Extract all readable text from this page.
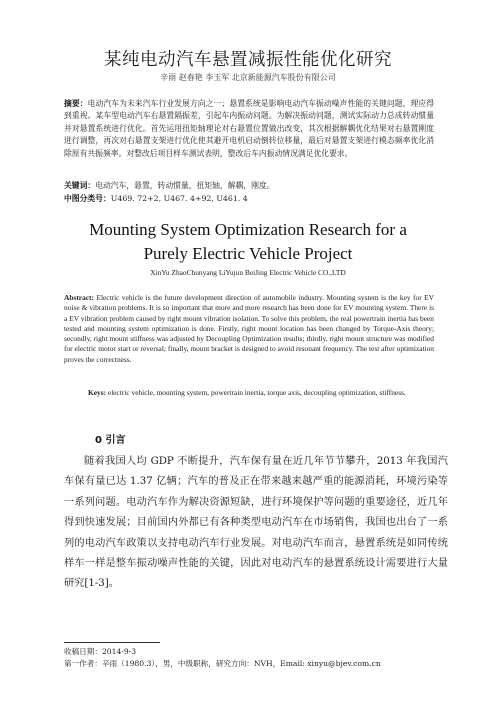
某纯电动汽车悬置减振性能优化研究
辛雨 赵春艳 李玉军 北京新能源汽车股份有限公司
摘要：电动汽车为未来汽车行业发展方向之一；悬置系统是影响电动汽车振动噪声性能的关键问题，理应得到重视。某车型电动汽车右悬置隔振差，引起车内振动问题。为解决振动问题，测试实际动力总成转动惯量并对悬置系统进行优化。首先运用扭矩轴理论对右悬置位置做出改变，其次根据解耦优化结果对右悬置刚度进行调整，再次对右悬置支架进行优化使其避开电机启动倒转位移量，最后对悬置支架进行模态频率优化消除原有共振频率。对整改后项目样车测试表明，整改后车内振动情况满足优化要求。
关键词：电动汽车，悬置，转动惯量，扭矩轴，解耦，刚度。
中图分类号：U469. 72+2, U467. 4+92, U461. 4
Mounting System Optimization Research for a
Purely Electric Vehicle Project
XinYu ZhaoChunyang LiYujun BeiJing Electric Vehicle CO.,LTD
Abstract: Electric vehicle is the future development direction of automobile industry. Mounting system is the key for EV noise & vibration problems. It is so important that more and more research has been done for EV mounting system. There is a EV vibration problem caused by right mount vibration isolation. To solve this problem, the real powertrain inertia has been tested and mounting system optimization is done. Firstly, right mount location has been changed by Torque-Axis theory; secondly, right mount stiffness was adjusted by Decoupling Optimization results; thirdly, right mount structure was modified for electric motor start or reversal; finally, mount bracket is designed to avoid resonant frequency. The test after optimization proves the correctness.
Keys: electric vehicle, mounting system, powertrain inertia, torque axis, decoupling optimization, stiffness.
0 引言
随着我国人均 GDP 不断提升，汽车保有量在近几年节节攀升，2013 年我国汽车保有量已达 1.37 亿辆；汽车的普及正在带来越来越严重的能源消耗，环境污染等一系列问题。电动汽车作为解决资源短缺，进行环境保护等问题的重要途径，近几年得到快速发展；目前国内外都已有各种类型电动汽车在市场销售，我国也出台了一系列的电动汽车政策以支持电动汽车行业发展。对电动汽车而言，悬置系统是如同传统样车一样是整车振动噪声性能的关键，因此对电动汽车的悬置系统设计需要进行大量研究[1-3]。
收稿日期：2014-9-3
第一作者：辛雨（1980.3），男，中级职称，研究方向：NVH，Email: xinyu@bjev.com.cn
